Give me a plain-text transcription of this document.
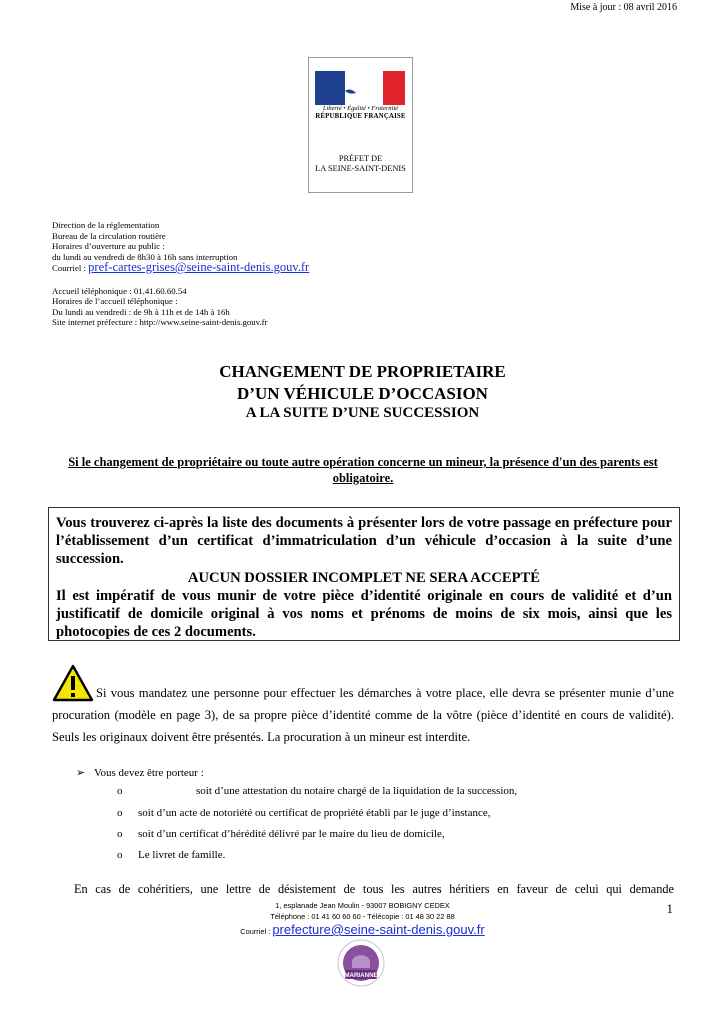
Mise à jour : 08 avril 2016
Liberté • Égalité • Fraternité
RÉPUBLIQUE FRANÇAISE
PRÉFET DE
LA SEINE-SAINT-DENIS
Direction de la réglementation
Bureau de la circulation routière
Horaires d’ouverture au public :
du lundi au vendredi de 8h30 à 16h sans interruption
Courriel : pref-cartes-grises@seine-saint-denis.gouv.fr
Accueil téléphonique : 01.41.60.60.54
Horaires de l’accueil téléphonique :
Du lundi au vendredi : de 9h à 11h et de 14h à 16h
Site internet préfecture : http://www.seine-saint-denis.gouv.fr
CHANGEMENT DE PROPRIETAIRE
D’UN VÉHICULE D’OCCASION
A LA SUITE D’UNE SUCCESSION
Si le changement de propriétaire ou toute autre opération concerne un mineur, la présence d'un des parents est obligatoire.
Vous trouverez ci-après la liste des documents à présenter lors de votre passage en préfecture pour l’établissement d’un certificat d’immatriculation d’un véhicule d’occasion à la suite d’une succession.
AUCUN DOSSIER INCOMPLET NE SERA ACCEPTÉ
Il est impératif de vous munir de votre pièce d’identité originale en cours de validité et d’un justificatif de domicile original à vos noms et prénoms de moins de six mois, ainsi que les photocopies de ces 2 documents.
Si vous mandatez une personne pour effectuer les démarches à votre place, elle devra se présenter munie d’une procuration (modèle en page 3), de sa propre pièce d’identité comme de la vôtre (pièce d’identité en cours de validité). Seuls les originaux doivent être présentés. La procuration à un mineur est interdite.
➢ Vous devez être porteur :
o	soit d’une attestation du notaire chargé de la liquidation de la succession,
o soit d’un acte de notoriété ou certificat de propriété établi par le juge d’instance,
o soit d’un certificat d’hérédité délivré par le maire du lieu de domicile,
o Le livret de famille.
En cas de cohéritiers, une lettre de désistement de tous les autres héritiers en faveur de celui qui demande
1, esplanade Jean Moulin - 93007 BOBIGNY CEDEX
Téléphone : 01 41 60 60 60 - Télécopie : 01 48 30 22 88
Courriel : prefecture@seine-saint-denis.gouv.fr
1
MARIANNE
